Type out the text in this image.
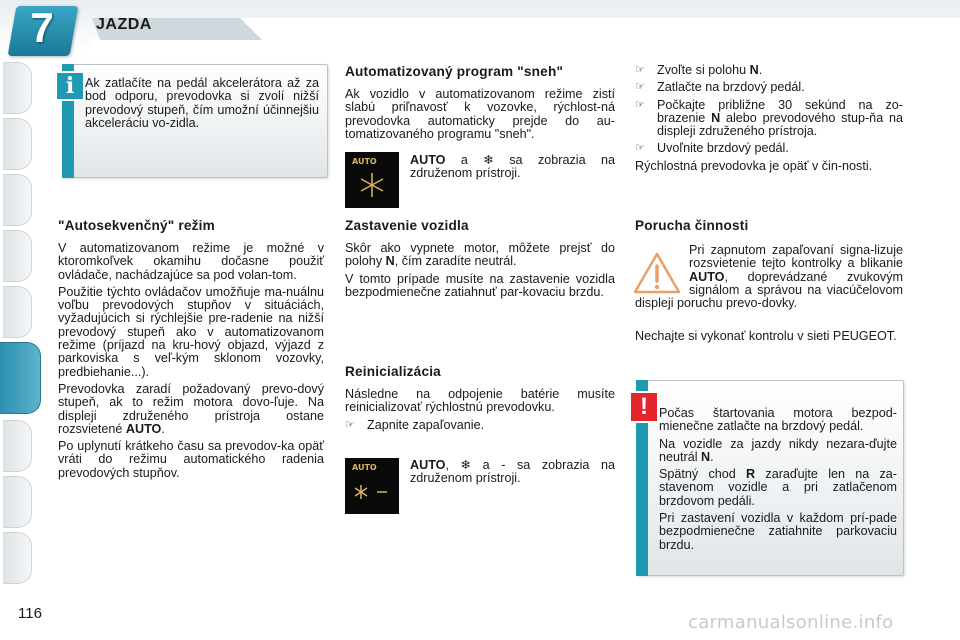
7	JAZDA
i Ak zatlačíte na pedál akcelerátora až za bod odporu, prevodovka si zvolí nižší prevodový stupeň, čím umožní účinnejšiu akceleráciu vo-zidla.

"Autosekvenčný" režim

V automatizovanom režime je možné v ktoromkoľvek okamihu dočasne použiť ovládače, nachádzajúce sa pod volan-tom.

Použitie týchto ovládačov umožňuje ma-nuálnu voľbu prevodových stupňov v situáciách, vyžadujúcich si rýchlejšie pre-radenie na nižší prevodový stupeň ako v automatizovanom režime (príjazd na kru-hový objazd, výjazd z parkoviska s veľ-kým sklonom vozovky, predbiehanie...).

Prevodovka zaradí požadovaný prevo-dový stupeň, ak to režim motora dovo-ľuje. Na displeji združeného prístroja ostane rozsvietené AUTO.

Po uplynutí krátkeho času sa prevodov-ka opäť vráti do režimu automatického radenia prevodových stupňov.

Automatizovaný program "sneh"

Ak vozidlo v automatizovanom režime zistí slabú priľnavosť k vozovke, rýchlost-ná prevodovka automaticky prejde do au-tomatizovaného programu "sneh".

AUTO	AUTO a ❄ sa zobrazia na združenom prístroji.

Zastavenie vozidla

Skôr ako vypnete motor, môžete prejsť do polohy N, čím zaradíte neutrál.

V tomto prípade musíte na zastavenie vozidla bezpodmienečne zatiahnuť par-kovaciu brzdu.

Reinicializácia

Následne na odpojenie batérie musíte reinicializovať rýchlostnú prevodovku.

☞ Zapnite zapaľovanie.
AUTO	AUTO, ❄ a - sa zobrazia na združenom prístroji.

☞ Zvoľte si polohu N.
☞ Zatlačte na brzdový pedál.
☞ Počkajte približne 30 sekúnd na zo-brazenie N alebo prevodového stup-ňa na displeji združeného prístroja.
☞ Uvoľnite brzdový pedál.

Rýchlostná prevodovka je opäť v čin-nosti.

Porucha činnosti
Pri zapnutom zapaľovaní signa-lizuje rozsvietenie tejto kontrolky a blikanie AUTO, doprevádzané zvukovým signálom a správou na viacúčelovom displeji poruchu prevo-dovky.

Nechajte si vykonať kontrolu v sieti PEUGEOT.

! Počas štartovania motora bezpod-mienečne zatlačte na brzdový pedál.

Na vozidle za jazdy nikdy nezara-ďujte neutrál N.

Spätný chod R zaraďujte len na za-stavenom vozidle a pri zatlačenom brzdovom pedáli.

Pri zastavení vozidla v každom prí-pade bezpodmienečne zatiahnite parkovaciu brzdu.

116	carmanualsonline.info
